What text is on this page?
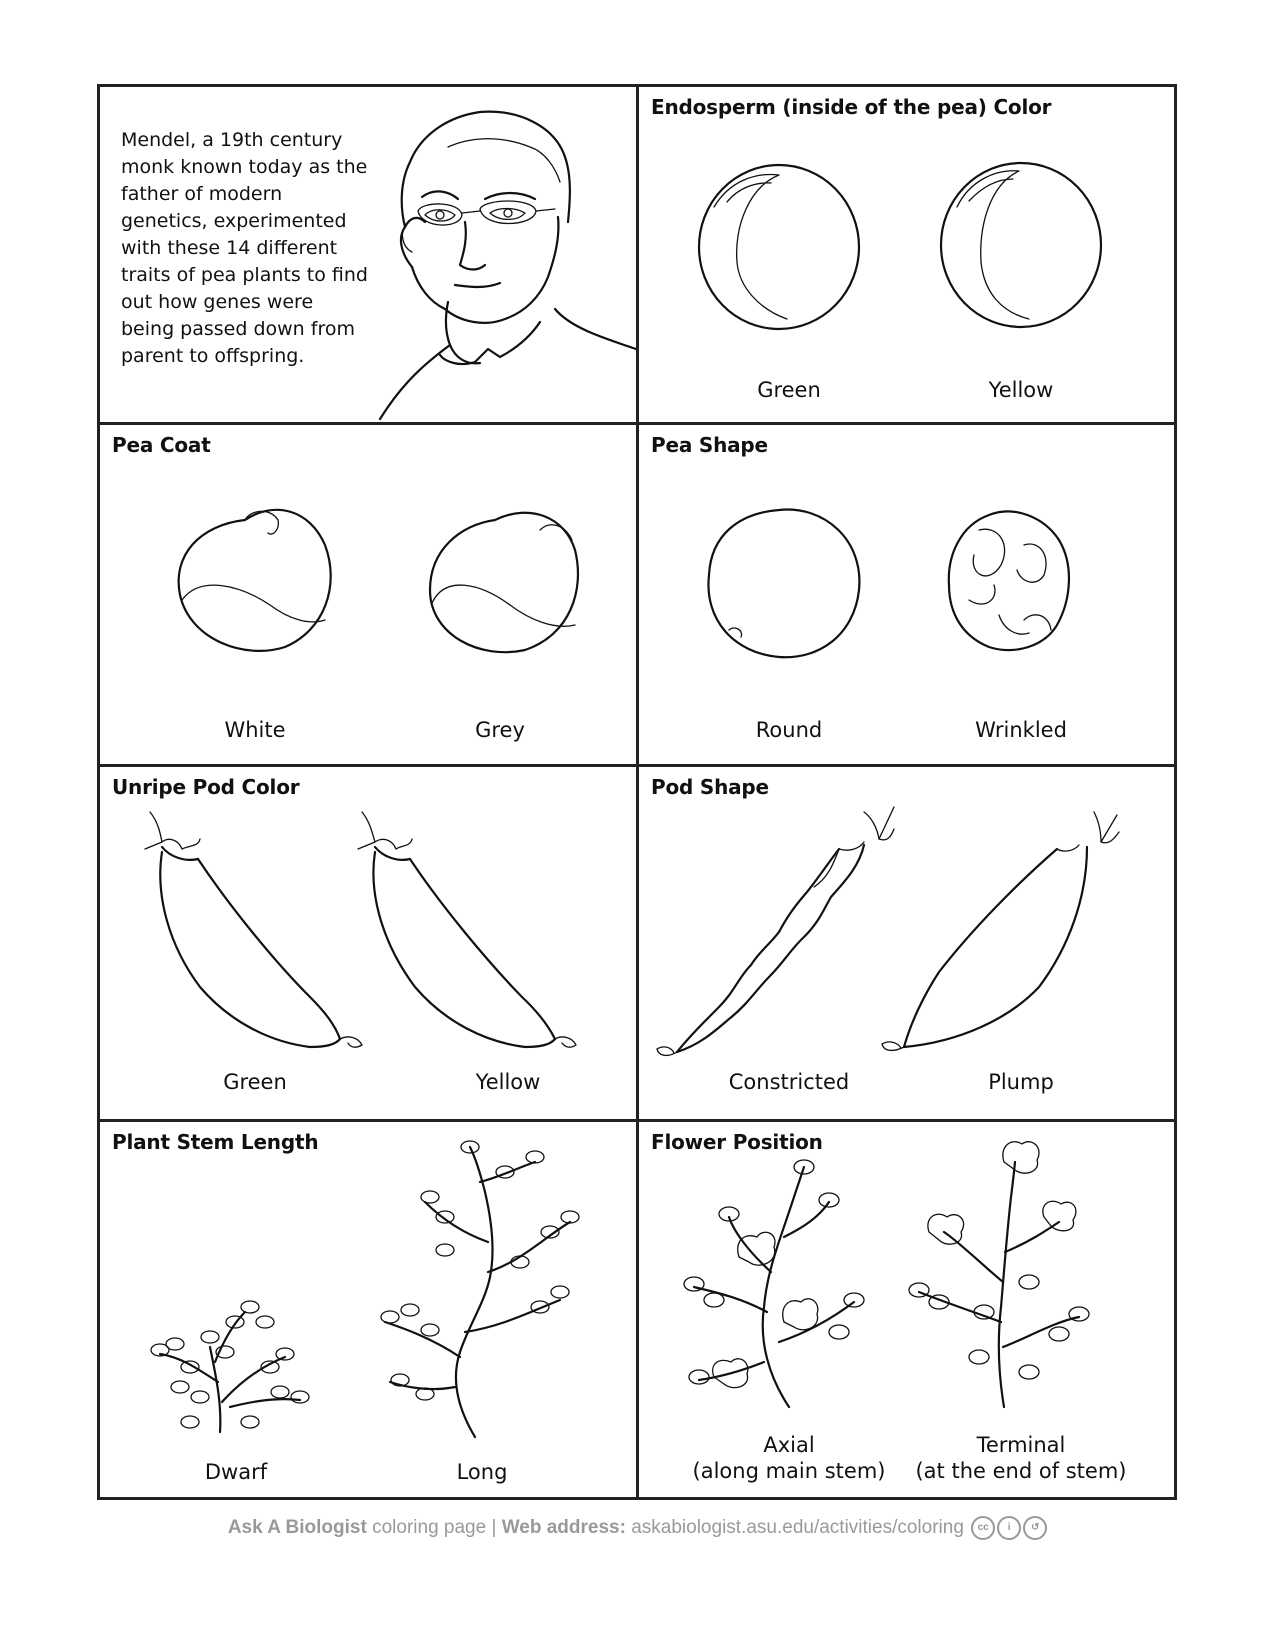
Mendel, a 19th century monk known today as the father of modern genetics, experimented with these 14 different traits of pea plants to find out how genes were being passed down from parent to offspring.
Endosperm (inside of the pea) Color
Green	Yellow
Pea Coat
White	Grey
Pea Shape
Round	Wrinkled
Unripe Pod Color
Green	Yellow
Pod Shape
Constricted	Plump
Plant Stem Length
Dwarf	Long
Flower Position
Axial
(along main stem)
Terminal
(at the end of stem)
Ask A Biologist coloring page | Web address: askabiologist.asu.edu/activities/coloring cc i ↺
